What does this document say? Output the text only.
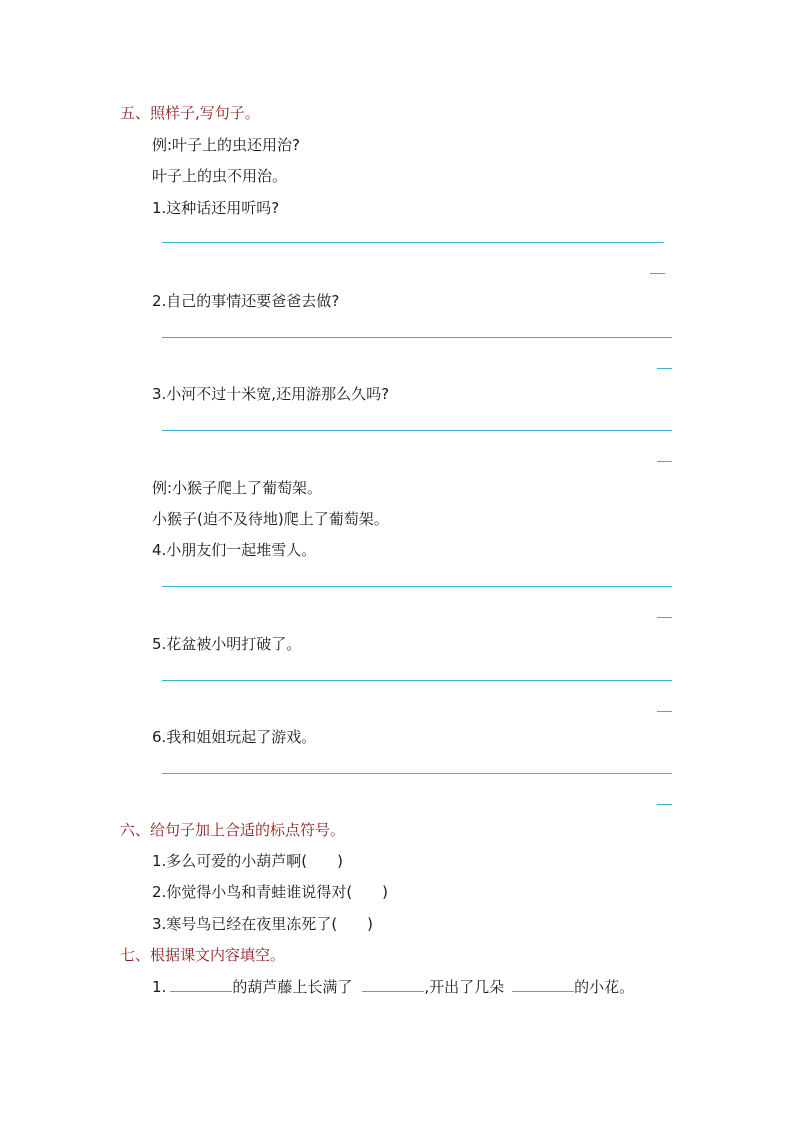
五、照样子,写句子。
例:叶子上的虫还用治?
叶子上的虫不用治。
1.这种话还用听吗?
2.自己的事情还要爸爸去做?
3.小河不过十米宽,还用游那么久吗?
例:小猴子爬上了葡萄架。
小猴子(迫不及待地)爬上了葡萄架。
4.小朋友们一起堆雪人。
5.花盆被小明打破了。
6.我和姐姐玩起了游戏。
六、给句子加上合适的标点符号。
1.多么可爱的小葫芦啊(　　)
2.你觉得小鸟和青蛙谁说得对(　　)
3.寒号鸟已经在夜里冻死了(　　)
七、根据课文内容填空。
1.	的葫芦藤上长满了	,开出了几朵	的小花。
